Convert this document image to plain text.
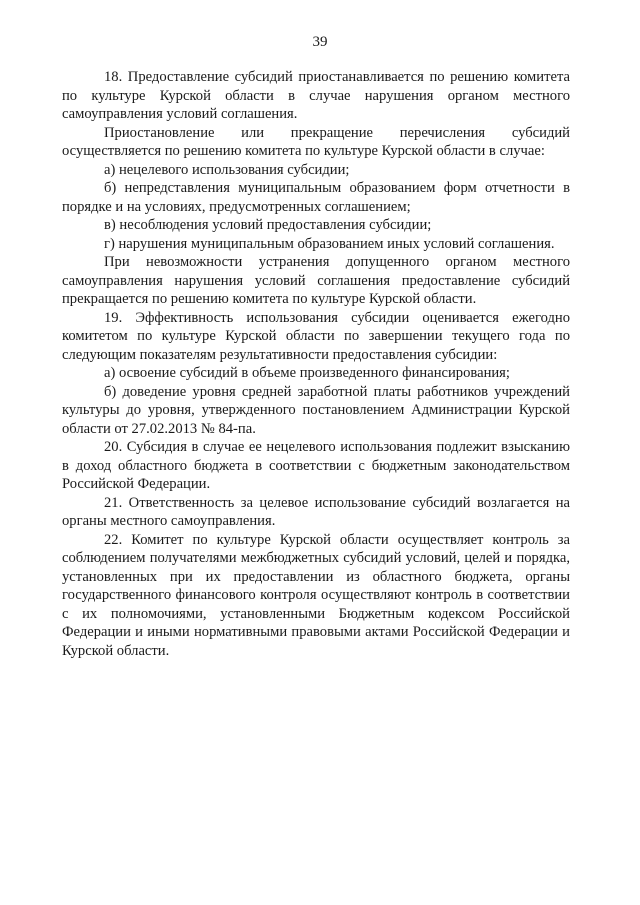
39

18. Предоставление субсидий приостанавливается по решению комитета по культуре Курской области в случае нарушения органом местного самоуправления условий соглашения.

Приостановление или прекращение перечисления субсидий осуществляется по решению комитета по культуре Курской области в случае:

а) нецелевого использования субсидии;

б) непредставления муниципальным образованием форм отчетности в порядке и на условиях, предусмотренных соглашением;

в) несоблюдения условий предоставления субсидии;

г) нарушения муниципальным образованием иных условий соглашения.

При невозможности устранения допущенного органом местного самоуправления нарушения условий соглашения предоставление субсидий прекращается по решению комитета по культуре Курской области.

19. Эффективность использования субсидии оценивается ежегодно комитетом по культуре Курской области по завершении текущего года по следующим показателям результативности предоставления субсидии:

а) освоение субсидий в объеме произведенного финансирования;

б) доведение уровня средней заработной платы работников учреждений культуры до уровня, утвержденного постановлением Администрации Курской области от 27.02.2013 № 84-па.

20. Субсидия в случае ее нецелевого использования подлежит взысканию в доход областного бюджета в соответствии с бюджетным законодательством Российской Федерации.

21. Ответственность за целевое использование субсидий возлагается на органы местного самоуправления.

22. Комитет по культуре Курской области осуществляет контроль за соблюдением получателями межбюджетных субсидий условий, целей и порядка, установленных при их предоставлении из областного бюджета, органы государственного финансового контроля осуществляют контроль в соответствии с их полномочиями, установленными Бюджетным кодексом Российской Федерации и иными нормативными правовыми актами Российской Федерации и Курской области.
